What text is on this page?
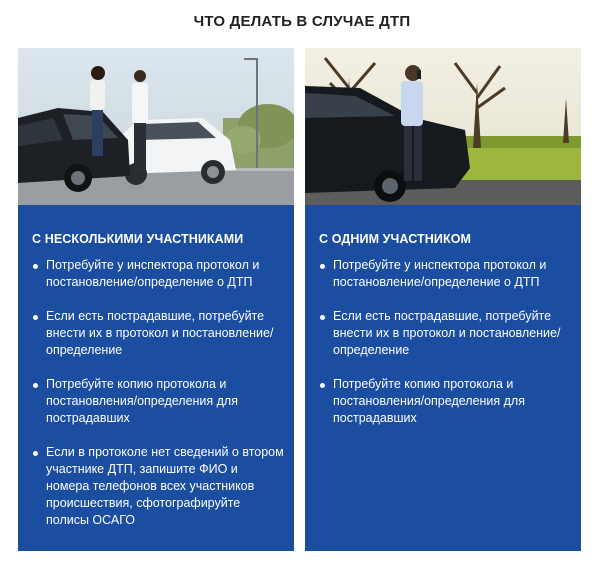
ЧТО ДЕЛАТЬ В СЛУЧАЕ ДТП
С НЕСКОЛЬКИМИ УЧАСТНИКАМИ
Потребуйте у инспектора протокол и постановление/определение о ДТП
Если есть пострадавшие, потребуйте внести их в протокол и постановление/определение
Потребуйте копию протокола и постановления/определения для пострадавших
Если в протоколе нет сведений о втором участнике ДТП, запишите ФИО и номера телефонов всех участников происшествия, сфотографируйте полисы ОСАГО
С ОДНИМ УЧАСТНИКОМ
Потребуйте у инспектора протокол и постановление/определение о ДТП
Если есть пострадавшие, потребуйте внести их в протокол и постановление/определение
Потребуйте копию протокола и постановления/определения для пострадавших
